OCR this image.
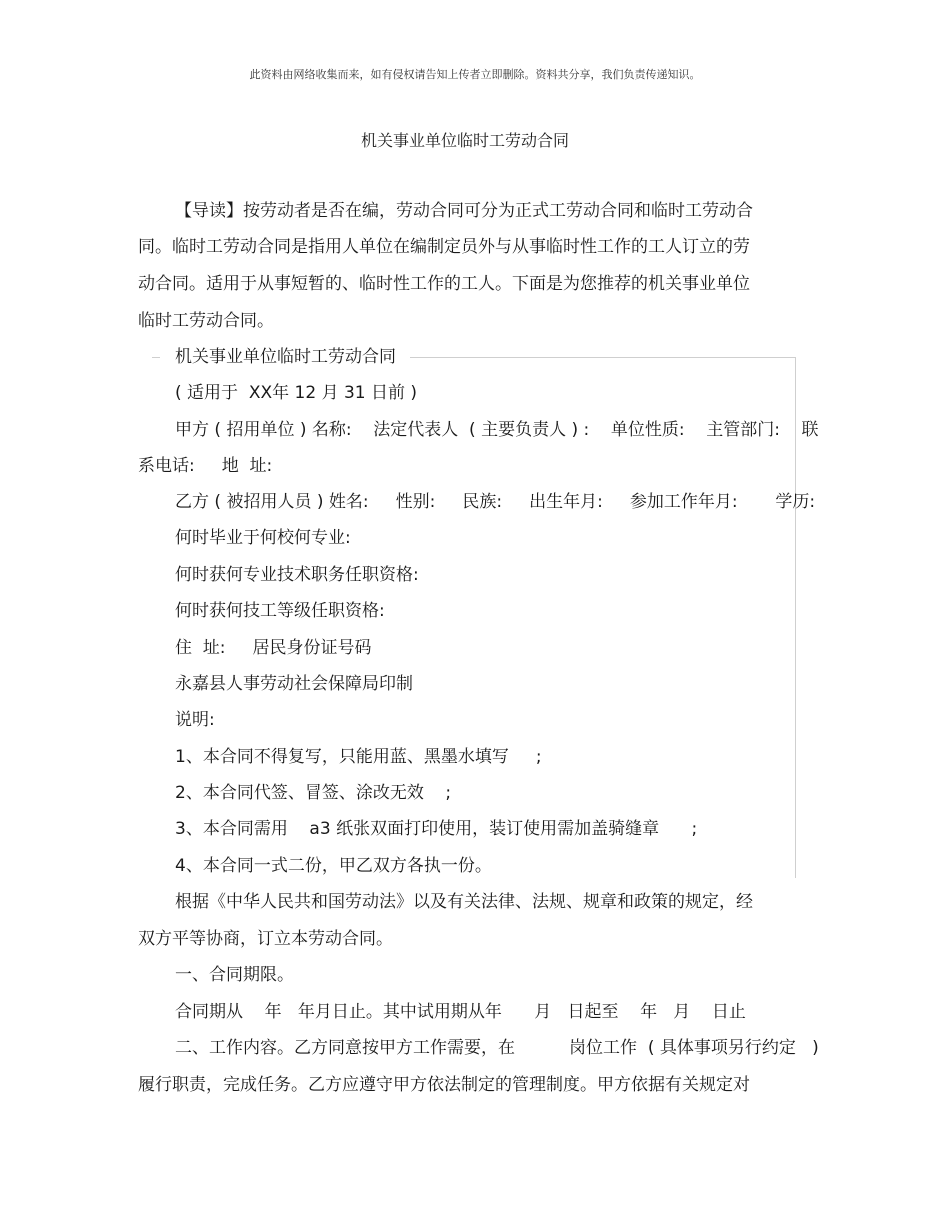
此资料由网络收集而来，如有侵权请告知上传者立即删除。资料共分享，我们负责传递知识。
机关事业单位临时工劳动合同
【导读】按劳动者是否在编，劳动合同可分为正式工劳动合同和临时工劳动合
同。临时工劳动合同是指用人单位在编制定员外与从事临时性工作的工人订立的劳
动合同。适用于从事短暂的、临时性工作的工人。下面是为您推荐的机关事业单位
临时工劳动合同。
机关事业单位临时工劳动合同
( 适用于  XX年 12 月 31 日前 )
甲方 ( 招用单位 ) 名称:    法定代表人  ( 主要负责人 ) :    单位性质:    主管部门:    联
系电话:     地  址:
乙方 ( 被招用人员 ) 姓名:     性别:     民族:     出生年月:     参加工作年月:       学历:
何时毕业于何校何专业:
何时获何专业技术职务任职资格:
何时获何技工等级任职资格:
住  址:     居民身份证号码
永嘉县人事劳动社会保障局印制
说明:
1、本合同不得复写，只能用蓝、黑墨水填写     ;
2、本合同代签、冒签、涂改无效    ;
3、本合同需用    a3 纸张双面打印使用，装订使用需加盖骑缝章      ;
4、本合同一式二份，甲乙双方各执一份。
根据《中华人民共和国劳动法》以及有关法律、法规、规章和政策的规定，经
双方平等协商，订立本劳动合同。
一、合同期限。
合同期从    年   年月日止。其中试用期从年      月   日起至    年   月    日止
二、工作内容。乙方同意按甲方工作需要，在          岗位工作  ( 具体事项另行约定   )
履行职责，完成任务。乙方应遵守甲方依法制定的管理制度。甲方依据有关规定对
